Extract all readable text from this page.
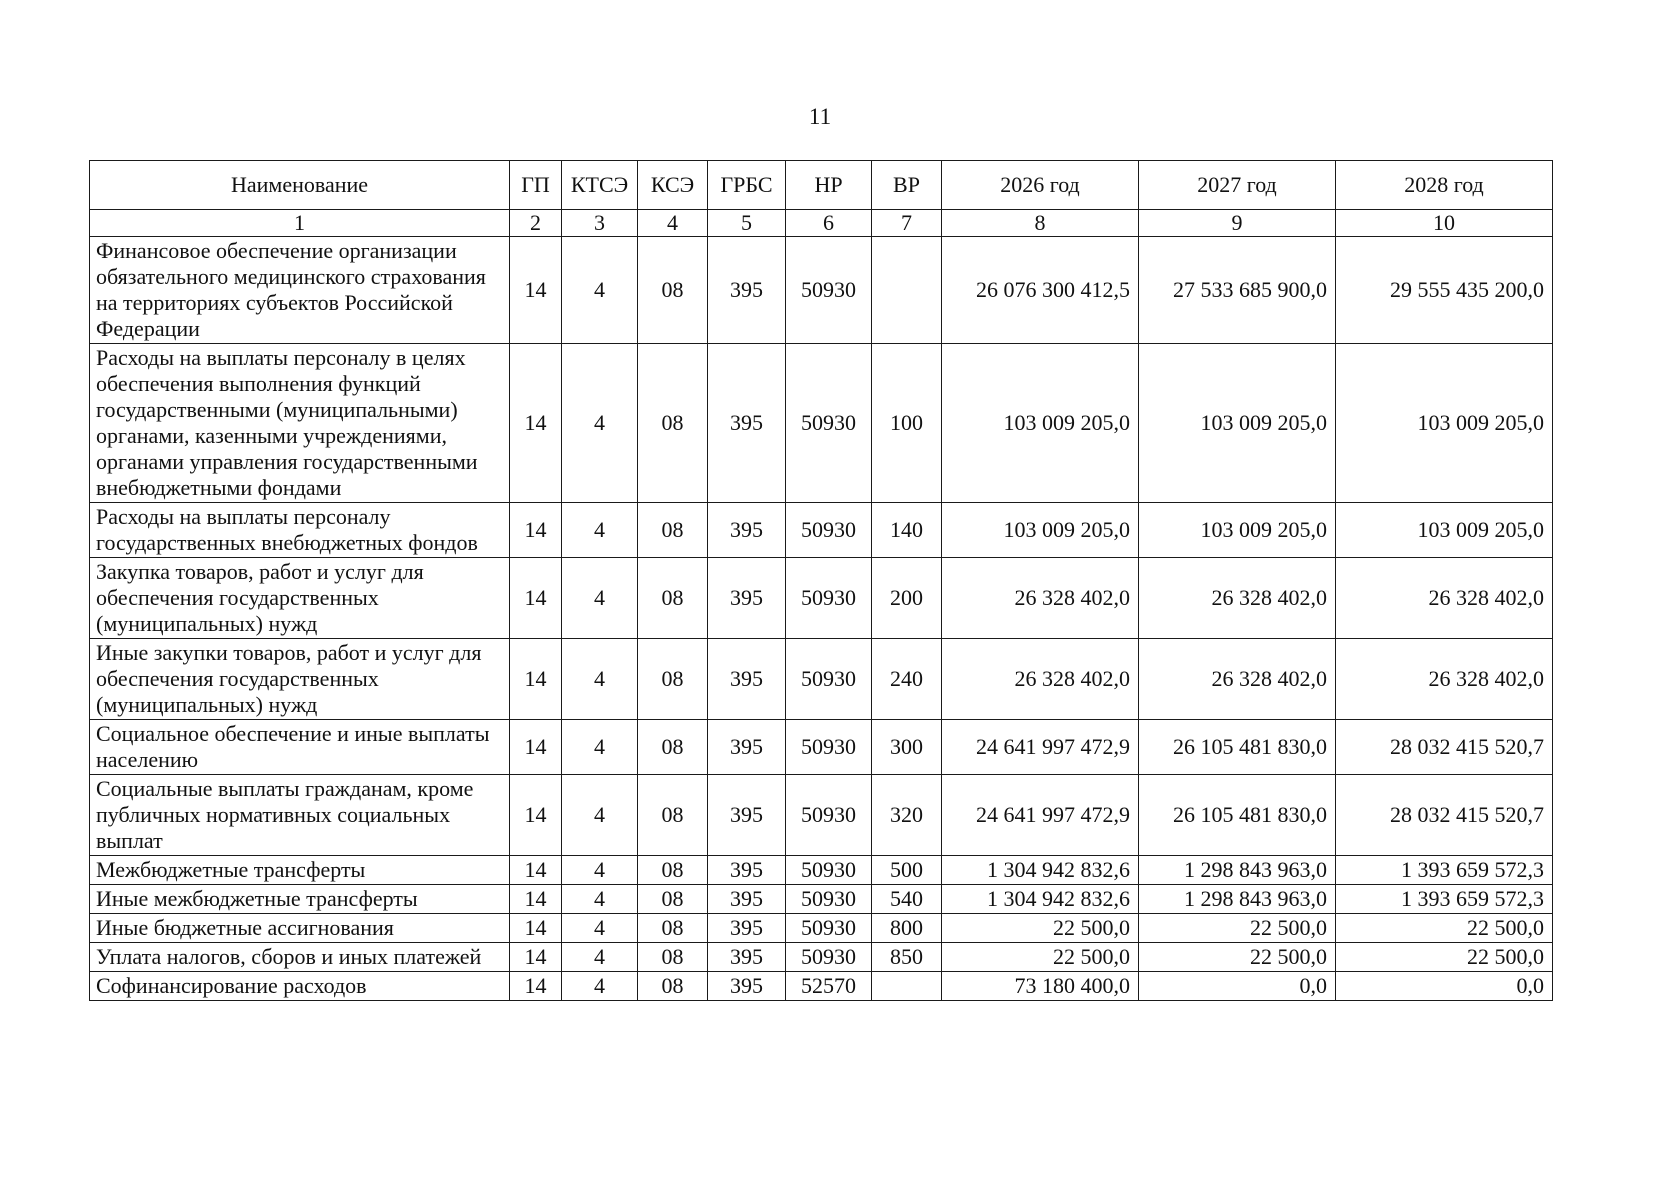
11
Наименование	ГП	КТСЭ	КСЭ	ГРБС	НР	ВР	2026 год	2027 год	2028 год
1	2	3	4	5	6	7	8	9	10
Финансовое обеспечение организации обязательного медицинского страхования на территориях субъектов Российской Федерации	14	4	08	395	50930		26 076 300 412,5	27 533 685 900,0	29 555 435 200,0
Расходы на выплаты персоналу в целях обеспечения выполнения функций государственными (муниципальными) органами, казенными учреждениями, органами управления государственными внебюджетными фондами	14	4	08	395	50930	100	103 009 205,0	103 009 205,0	103 009 205,0
Расходы на выплаты персоналу государственных внебюджетных фондов	14	4	08	395	50930	140	103 009 205,0	103 009 205,0	103 009 205,0
Закупка товаров, работ и услуг для обеспечения государственных (муниципальных) нужд	14	4	08	395	50930	200	26 328 402,0	26 328 402,0	26 328 402,0
Иные закупки товаров, работ и услуг для обеспечения государственных (муниципальных) нужд	14	4	08	395	50930	240	26 328 402,0	26 328 402,0	26 328 402,0
Социальное обеспечение и иные выплаты населению	14	4	08	395	50930	300	24 641 997 472,9	26 105 481 830,0	28 032 415 520,7
Социальные выплаты гражданам, кроме публичных нормативных социальных выплат	14	4	08	395	50930	320	24 641 997 472,9	26 105 481 830,0	28 032 415 520,7
Межбюджетные трансферты	14	4	08	395	50930	500	1 304 942 832,6	1 298 843 963,0	1 393 659 572,3
Иные межбюджетные трансферты	14	4	08	395	50930	540	1 304 942 832,6	1 298 843 963,0	1 393 659 572,3
Иные бюджетные ассигнования	14	4	08	395	50930	800	22 500,0	22 500,0	22 500,0
Уплата налогов, сборов и иных платежей	14	4	08	395	50930	850	22 500,0	22 500,0	22 500,0
Софинансирование расходов	14	4	08	395	52570		73 180 400,0	0,0	0,0
